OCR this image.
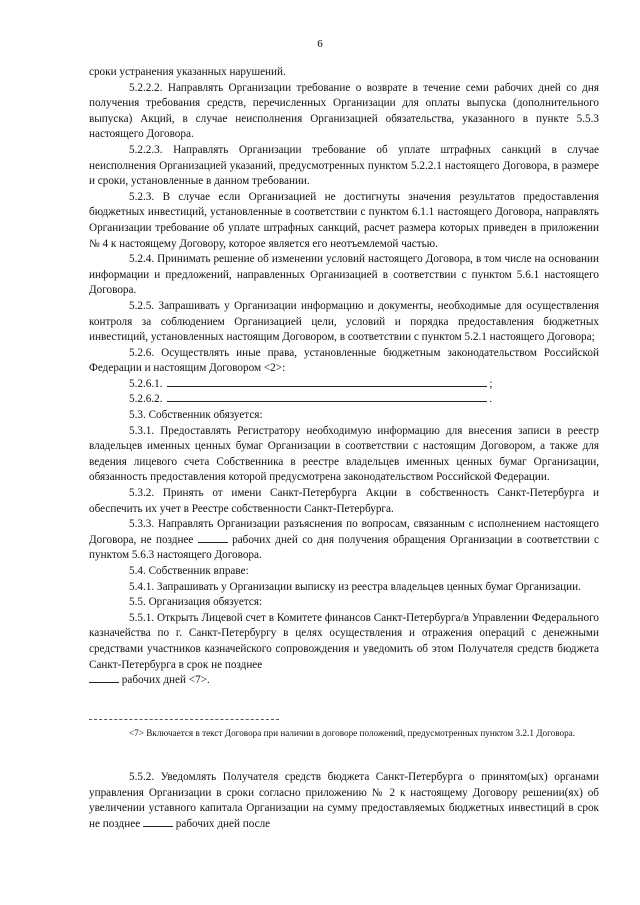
6

сроки устранения указанных нарушений.

5.2.2.2. Направлять Организации требование о возврате в течение семи рабочих дней со дня получения требования средств, перечисленных Организации для оплаты выпуска (дополнительного выпуска) Акций, в случае неисполнения Организацией обязательства, указанного в пункте 5.5.3 настоящего Договора.

5.2.2.3. Направлять Организации требование об уплате штрафных санкций в случае неисполнения Организацией указаний, предусмотренных пунктом 5.2.2.1 настоящего Договора, в размере и сроки, установленные в данном требовании.

5.2.3. В случае если Организацией не достигнуты значения результатов предоставления бюджетных инвестиций, установленные в соответствии с пунктом 6.1.1 настоящего Договора, направлять Организации требование об уплате штрафных санкций, расчет размера которых приведен в приложении № 4 к настоящему Договору, которое является его неотъемлемой частью.

5.2.4. Принимать решение об изменении условий настоящего Договора, в том числе на основании информации и предложений, направленных Организацией в соответствии с пунктом 5.6.1 настоящего Договора.

5.2.5. Запрашивать у Организации информацию и документы, необходимые для осуществления контроля за соблюдением Организацией цели, условий и порядка предоставления бюджетных инвестиций, установленных настоящим Договором, в соответствии с пунктом 5.2.1 настоящего Договора;

5.2.6. Осуществлять иные права, установленные бюджетным законодательством Российской Федерации и настоящим Договором <2>:

5.2.6.1.	;

5.2.6.2.	.

5.3. Собственник обязуется:

5.3.1. Предоставлять Регистратору необходимую информацию для внесения записи в реестр владельцев именных ценных бумаг Организации в соответствии с настоящим Договором, а также для ведения лицевого счета Собственника в реестре владельцев именных ценных бумаг Организации, обязанность предоставления которой предусмотрена законодательством Российской Федерации.

5.3.2. Принять от имени Санкт-Петербурга Акции в собственность Санкт-Петербурга и обеспечить их учет в Реестре собственности Санкт-Петербурга.

5.3.3. Направлять Организации разъяснения по вопросам, связанным с исполнением настоящего Договора, не позднее	рабочих дней со дня получения обращения Организации в соответствии с пунктом 5.6.3 настоящего Договора.

5.4. Собственник вправе:

5.4.1. Запрашивать у Организации выписку из реестра владельцев ценных бумаг Организации.

5.5. Организация обязуется:

5.5.1. Открыть Лицевой счет в Комитете финансов Санкт-Петербурга/в Управлении Федерального казначейства по г. Санкт-Петербургу в целях осуществления и отражения операций с денежными средствами участников казначейского сопровождения и уведомить об этом Получателя средств бюджета Санкт-Петербурга в срок не позднее

рабочих дней <7>.

<7> Включается в текст Договора при наличии в договоре положений, предусмотренных пунктом 3.2.1 Договора.

5.5.2. Уведомлять Получателя средств бюджета Санкт-Петербурга о принятом(ых) органами управления Организации в сроки согласно приложению № 2 к настоящему Договору решении(ях) об увеличении уставного капитала Организации на сумму предоставляемых бюджетных инвестиций в срок не позднее	рабочих дней после
